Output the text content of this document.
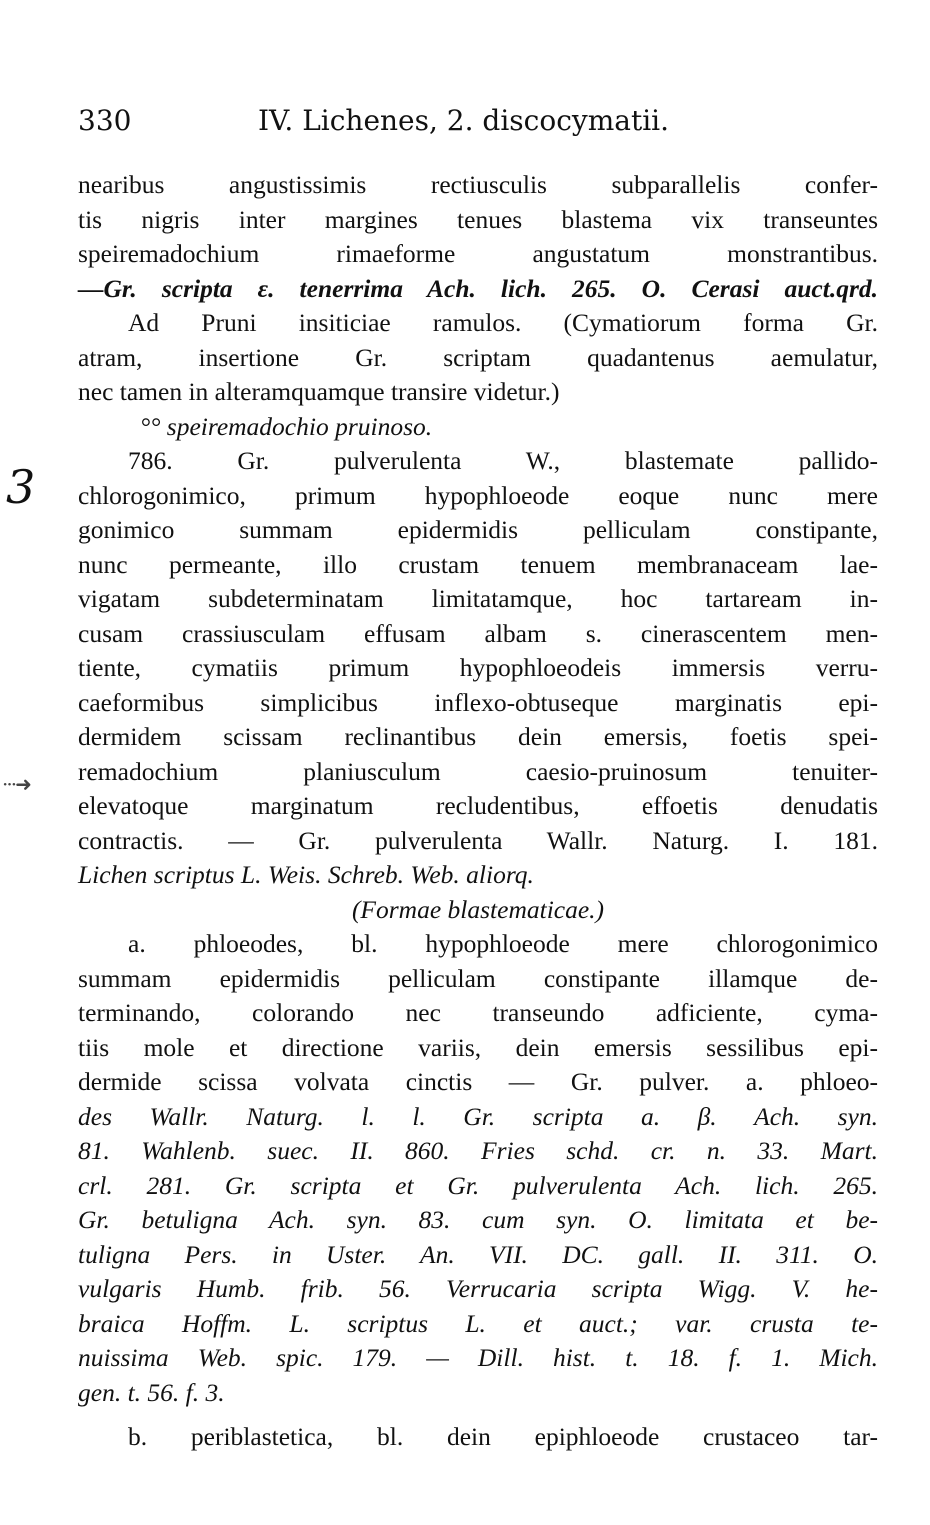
330	IV. Lichenes, 2. discocymatii.
3
···➜
nearibus angustissimis rectiusculis subparallelis confer-
tis nigris inter margines tenues blastema vix transeuntes
speiremadochium rimaeforme angustatum monstrantibus.
—Gr. scripta ε. tenerrima Ach. lich. 265. O. Cerasi auct.qrd.
Ad Pruni insiticiae ramulos. (Cymatiorum forma Gr.
atram, insertione Gr. scriptam quadantenus aemulatur,
nec tamen in alteramquamque transire videtur.)
°° speiremadochio pruinoso.
786. Gr. pulverulenta W., blastemate pallido-
chlorogonimico, primum hypophloeode eoque nunc mere
gonimico summam epidermidis pelliculam constipante,
nunc permeante, illo crustam tenuem membranaceam lae-
vigatam subdeterminatam limitatamque, hoc tartaream in-
cusam crassiusculam effusam albam s. cinerascentem men-
tiente, cymatiis primum hypophloeodeis immersis verru-
caeformibus simplicibus inflexo-obtuseque marginatis epi-
dermidem scissam reclinantibus dein emersis, foetis spei-
remadochium planiusculum caesio-pruinosum tenuiter-
elevatoque marginatum recludentibus, effoetis denudatis
contractis. — Gr. pulverulenta Wallr. Naturg. I. 181.
Lichen scriptus L. Weis. Schreb. Web. aliorq.
(Formae blastematicae.)
a. phloeodes, bl. hypophloeode mere chlorogonimico
summam epidermidis pelliculam constipante illamque de-
terminando, colorando nec transeundo adficiente, cyma-
tiis mole et directione variis, dein emersis sessilibus epi-
dermide scissa volvata cinctis — Gr. pulver. a. phloeo-
des Wallr. Naturg. l. l. Gr. scripta a. β. Ach. syn.
81. Wahlenb. suec. II. 860. Fries schd. cr. n. 33. Mart.
crl. 281. Gr. scripta et Gr. pulverulenta Ach. lich. 265.
Gr. betuligna Ach. syn. 83. cum syn. O. limitata et be-
tuligna Pers. in Uster. An. VII. DC. gall. II. 311. O.
vulgaris Humb. frib. 56. Verrucaria scripta Wigg. V. he-
braica Hoffm. L. scriptus L. et auct.; var. crusta te-
nuissima Web. spic. 179. — Dill. hist. t. 18. f. 1. Mich.
gen. t. 56. f. 3.
b. periblastetica, bl. dein epiphloeode crustaceo tar-
